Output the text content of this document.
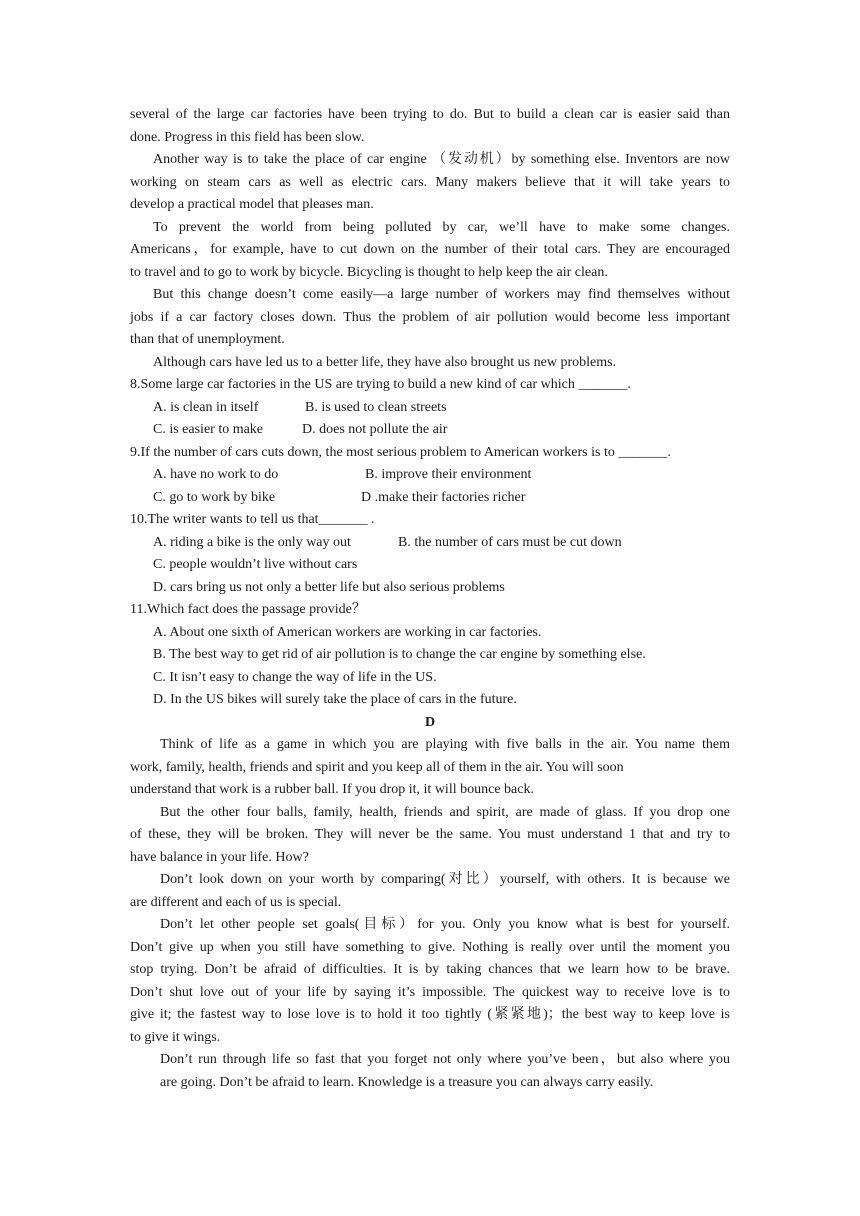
several of the large car factories have been trying to do. But to build a clean car is easier said than
done. Progress in this field has been slow.
Another way is to take the place of car engine （发动机）by something else. Inventors are now
working on steam cars as well as electric cars. Many makers believe that it will take years to
develop a practical model that pleases man.
To prevent the world from being polluted by car, we’ll have to make some changes.
Americans，for example, have to cut down on the number of their total cars. They are encouraged
to travel and to go to work by bicycle. Bicycling is thought to help keep the air clean.
But this change doesn’t come easily—a large number of workers may find themselves without
jobs if a car factory closes down. Thus the problem of air pollution would become less important
than that of unemployment.
Although cars have led us to a better life, they have also brought us new problems.
8.Some large car factories in the US are trying to build a new kind of car which _______.
A. is clean in itself	B. is used to clean streets
C. is easier to make	D. does not pollute the air
9.If the number of cars cuts down, the most serious problem to American workers is to _______.
A. have no work to do	B. improve their environment
C. go to work by bike	D .make their factories richer
10.The writer wants to tell us that_______ .
A. riding a bike is the only way out	B. the number of cars must be cut down
C. people wouldn’t live without cars
D. cars bring us not only a better life but also serious problems
11.Which fact does the passage provide？
A. About one sixth of American workers are working in car factories.
B. The best way to get rid of air pollution is to change the car engine by something else.
C. It isn’t easy to change the way of life in the US.
D. In the US bikes will surely take the place of cars in the future.
D
Think of life as a game in which you are playing with five balls in the air. You name them
work, family, health, friends and spirit and you keep all of them in the air. You will soon
understand that work is a rubber ball. If you drop it, it will bounce back.
But the other four balls, family, health, friends and spirit, are made of glass. If you drop one
of these, they will be broken. They will never be the same. You must understand 1 that and try to
have balance in your life. How?
Don’t look down on your worth by comparing(对比）yourself, with others. It is because we
are different and each of us is special.
Don’t let other people set goals(目标）for you. Only you know what is best for yourself.
Don’t give up when you still have something to give. Nothing is really over until the moment you
stop trying. Don’t be afraid of difficulties. It is by taking chances that we learn how to be brave.
Don’t shut love out of your life by saying it’s impossible. The quickest way to receive love is to
give it; the fastest way to lose love is to hold it too tightly (紧紧地)；the best way to keep love is
to give it wings.
Don’t run through life so fast that you forget not only where you’ve been，but also where you
are going. Don’t be afraid to learn. Knowledge is a treasure you can always carry easily.
